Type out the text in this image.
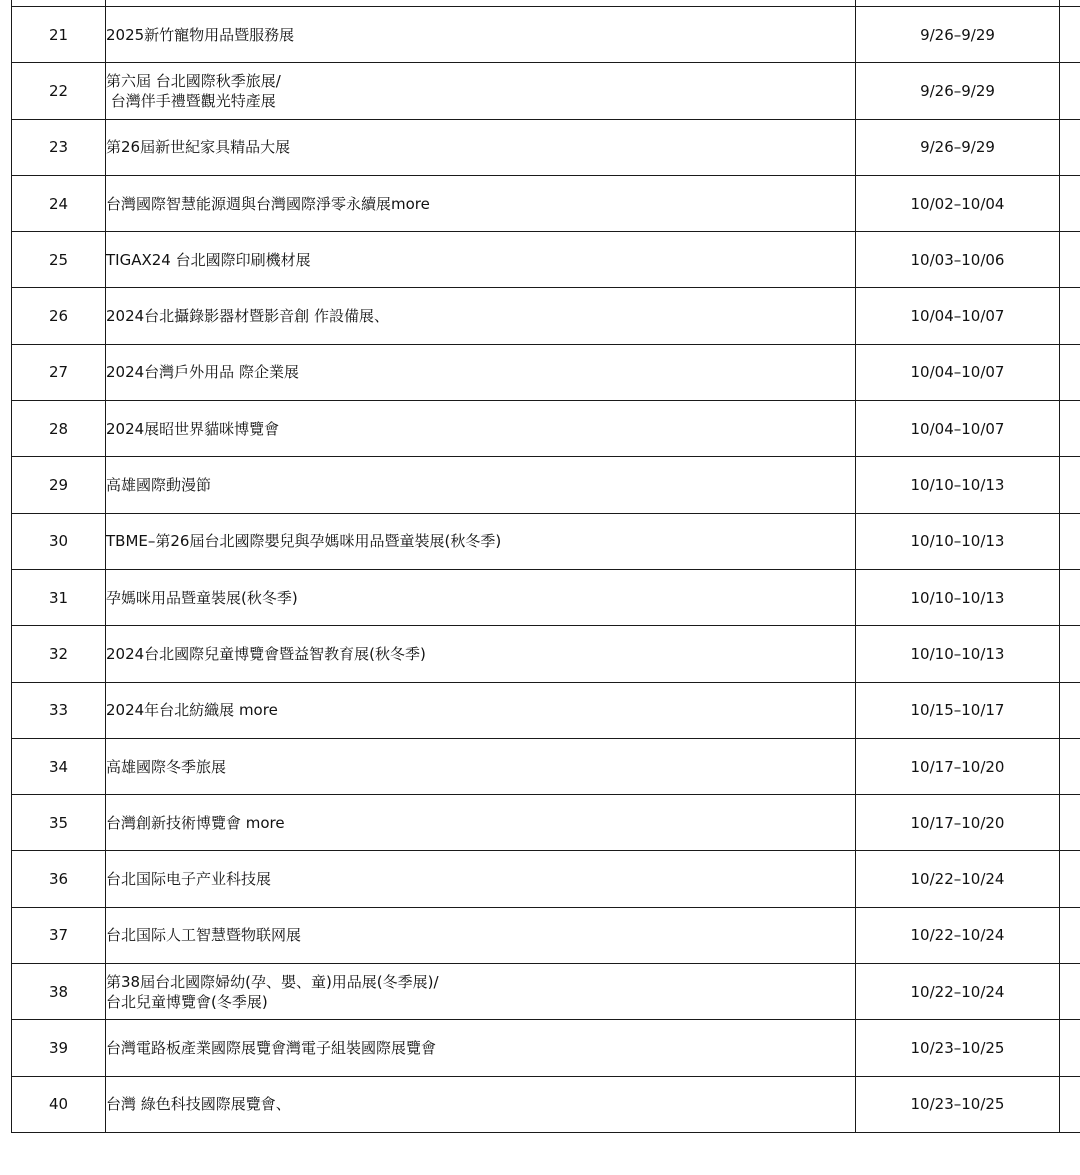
21	2025新竹寵物用品暨服務展	9/26–9/29	
22	第六屆 台北國際秋季旅展/
台灣伴手禮暨觀光特產展	9/26–9/29	
23	第26屆新世紀家具精品大展	9/26–9/29	
24	台灣國際智慧能源週與台灣國際淨零永續展more	10/02–10/04	
25	TIGAX24 台北國際印刷機材展	10/03–10/06	
26	2024台北攝錄影器材暨影音創 作設備展、	10/04–10/07	
27	2024台灣戶外用品 際企業展	10/04–10/07	
28	2024展昭世界貓咪博覽會	10/04–10/07	
29	高雄國際動漫節	10/10–10/13	
30	TBME–第26屆台北國際嬰兒與孕媽咪用品暨童裝展(秋冬季)	10/10–10/13	
31	孕媽咪用品暨童裝展(秋冬季)	10/10–10/13	
32	2024台北國際兒童博覽會暨益智教育展(秋冬季)	10/10–10/13	
33	2024年台北紡織展 more	10/15–10/17	
34	高雄國際冬季旅展	10/17–10/20	
35	台灣創新技術博覽會 more	10/17–10/20	
36	台北国际电子产业科技展	10/22–10/24	
37	台北国际人工智慧暨物联网展	10/22–10/24	
38	第38屆台北國際婦幼(孕、嬰、童)用品展(冬季展)/
台北兒童博覽會(冬季展)	10/22–10/24	
39	台灣電路板產業國際展覽會灣電子組裝國際展覽會	10/23–10/25	
40	台灣 綠色科技國際展覽會、	10/23–10/25	
